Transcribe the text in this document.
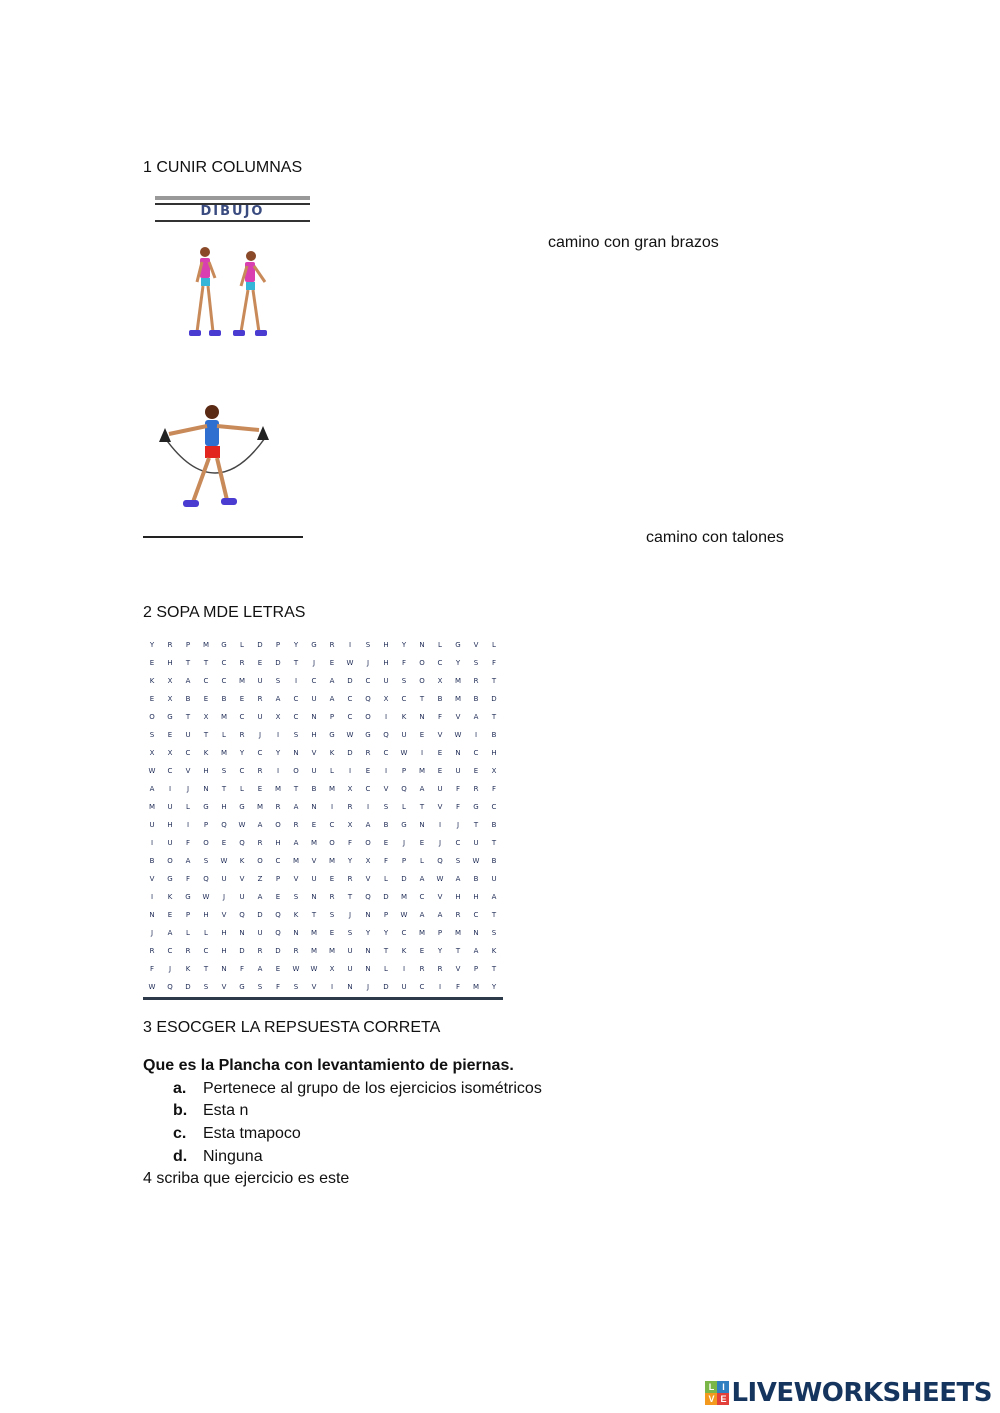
1 CUNIR COLUMNAS
DIBUJO
camino con gran brazos
camino con talones
2 SOPA MDE LETRAS
Y	R	P	M	G	L	D	P	Y	G	R	I	S	H	Y	N	L	G	V	L
E	H	T	T	C	R	E	D	T	J	E	W	J	H	F	O	C	Y	S	F
K	X	A	C	C	M	U	S	I	C	A	D	C	U	S	O	X	M	R	T
E	X	B	E	B	E	R	A	C	U	A	C	Q	X	C	T	B	M	B	D
O	G	T	X	M	C	U	X	C	N	P	C	O	I	K	N	F	V	A	T
S	E	U	T	L	R	J	I	S	H	G	W	G	Q	U	E	V	W	I	B
X	X	C	K	M	Y	C	Y	N	V	K	D	R	C	W	I	E	N	C	H
W	C	V	H	S	C	R	I	O	U	L	I	E	I	P	M	E	U	E	X
A	I	J	N	T	L	E	M	T	B	M	X	C	V	Q	A	U	F	R	F
M	U	L	G	H	G	M	R	A	N	I	R	I	S	L	T	V	F	G	C
U	H	I	P	Q	W	A	O	R	E	C	X	A	B	G	N	I	J	T	B
I	U	F	O	E	Q	R	H	A	M	O	F	O	E	J	E	J	C	U	T
B	O	A	S	W	K	O	C	M	V	M	Y	X	F	P	L	Q	S	W	B
V	G	F	Q	U	V	Z	P	V	U	E	R	V	L	D	A	W	A	B	U
I	K	G	W	J	U	A	E	S	N	R	T	Q	D	M	C	V	H	H	A
N	E	P	H	V	Q	D	Q	K	T	S	J	N	P	W	A	A	R	C	T
J	A	L	L	H	N	U	Q	N	M	E	S	Y	Y	C	M	P	M	N	S
R	C	R	C	H	D	R	D	R	M	M	U	N	T	K	E	Y	T	A	K
F	J	K	T	N	F	A	E	W	W	X	U	N	L	I	R	R	V	P	T
W	Q	D	S	V	G	S	F	S	V	I	N	J	D	U	C	I	F	M	Y
3 ESOCGER LA REPSUESTA CORRETA
Que es la Plancha con levantamiento de piernas.
a. Pertenece al grupo de los ejercicios isométricos
b. Esta n
c. Esta tmapoco
d. Ninguna
4 scriba que ejercicio es este
L I
V E LIVEWORKSHEETS
